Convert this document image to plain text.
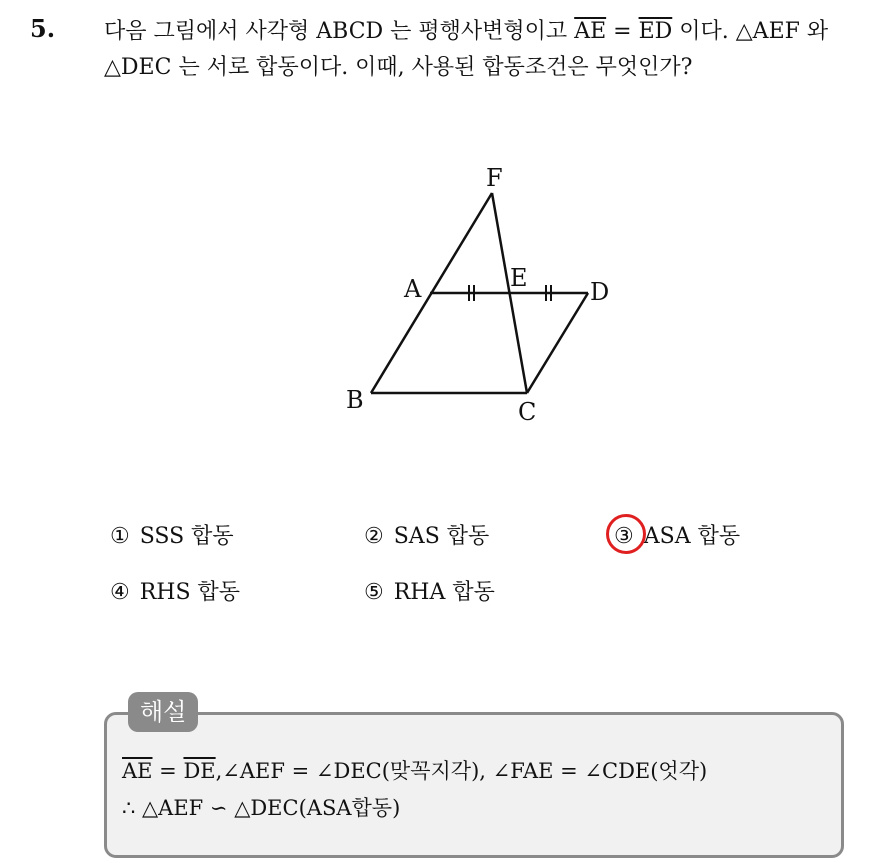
5. 다음 그림에서 사각형 ABCD 는 평행사변형이고 $\overline{AE} = \overline{ED}$ 이다. △AEF 와 △DEC 는 서로 합동이다. 이때, 사용된 합동조건은 무엇인가?
F
A	E	D
B	C
① SSS 합동	② SAS 합동	③ ASA 합동
④ RHS 합동	⑤ RHA 합동
해설
$\overline{AE}$ = $\overline{DE},\angle AEF$ = ∠DEC(맞꼭지각), ∠FAE = ∠CDE(엇각)
∴ △AEF ∽ △DEC(ASA합동)
